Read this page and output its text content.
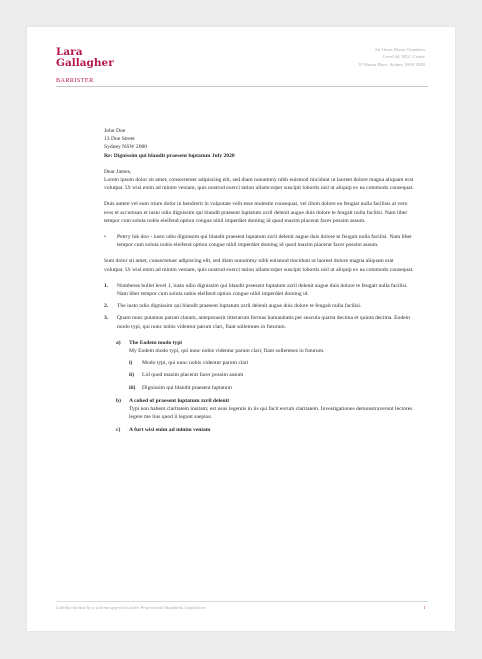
Lara
Gallagher
BARRISTER
Sir Owen Dixon Chambers
Level 64, MLC Centre
19 Martin Place, Sydney NSW 2000

John Doe

13 Doe Street

Sydney NSW 2000

Re: Dignissim qui blandit praesent luptatum July 2020

Dear James,

Lorem ipsum dolor sit amet, consectetuer adipiscing elit, sed diam nonummy nibh euismod tincidunt ut laoreet dolore magna aliquam erat volutpat. Ut wisi enim ad minim veniam, quis nostrud exerci tation ullamcorper suscipit lobortis nisl ut aliquip ex ea commodo consequat.

Duis autem vel eum iriure dolor in hendrerit in vulputate velit esse molestie consequat, vel illum dolore eu feugiat nulla facilisis at vero eros et accumsan et iusto odio dignissim qui blandit praesent luptatum zzril delenit augue duis dolore te feugait nulla facilisi. Nam liber tempor cum soluta nobis eleifend option congue nihil imperdiet doming id quod mazim placerat facer possim assum.

• Petrry lok doo - iusto odio dignissim qui blandit praesent luptatum zzril delenit augue duis dolore te feugait nulla facilisi. Nam liber tempor cum soluta nobis eleifend option congue nihil imperdiet doming id quod mazim placerat facer possim assum.

Sum dolor sit amet, consectetuer adipiscing elit, sed diam nonummy nibh euismod tincidunt ut laoreet dolore magna aliquam erat volutpat. Ut wisi enim ad minim veniam, quis nostrud exerci tation ullamcorper suscipit lobortis nisl ut aliquip ex ea commodo consequat.

1. Numberes bullet level 1, iusto odio dignissim qui blandit praesent luptatum zzril delenit augue duis dolore te feugait nulla facilisi. Nam liber tempor cum soluta nobis eleifend option congue nihil imperdiet doming id.
2. The iusto odio dignissim qui blandit praesent luptatum zzril delenit augue duis dolore te feugait nulla facilisi.
3. Quam nunc putamus parum claram, anteposuerit litterarum formas humanitatis per seacula quarta decima et quinta decima. Eodem modo typi, qui nunc nobis videntur parum clari, fiant sollemnes in futurum.
a) The Eodem modo typi
My Eodem modo typi, qui nunc nobis videntur parum clari, fiant sollemnes in futurum.
i) Modo typi, qui nunc nobis videntur parum clari
ii) Lid quod mazim placerat facer possim assum
iii) Dignissim qui blandit praesent luptatum
b) A cohed of praesent luptatum zzril delenit
Typi non habent claritatem insitam; est usus legentis in iis qui facit eorum claritatem. Investigationes demonstraverunt lectores legere me lius quod ii legunt saepius.
c) A furt wisi enim ad minim veniam
Liability limited by a scheme approved under Professional Standards Legislation	1
